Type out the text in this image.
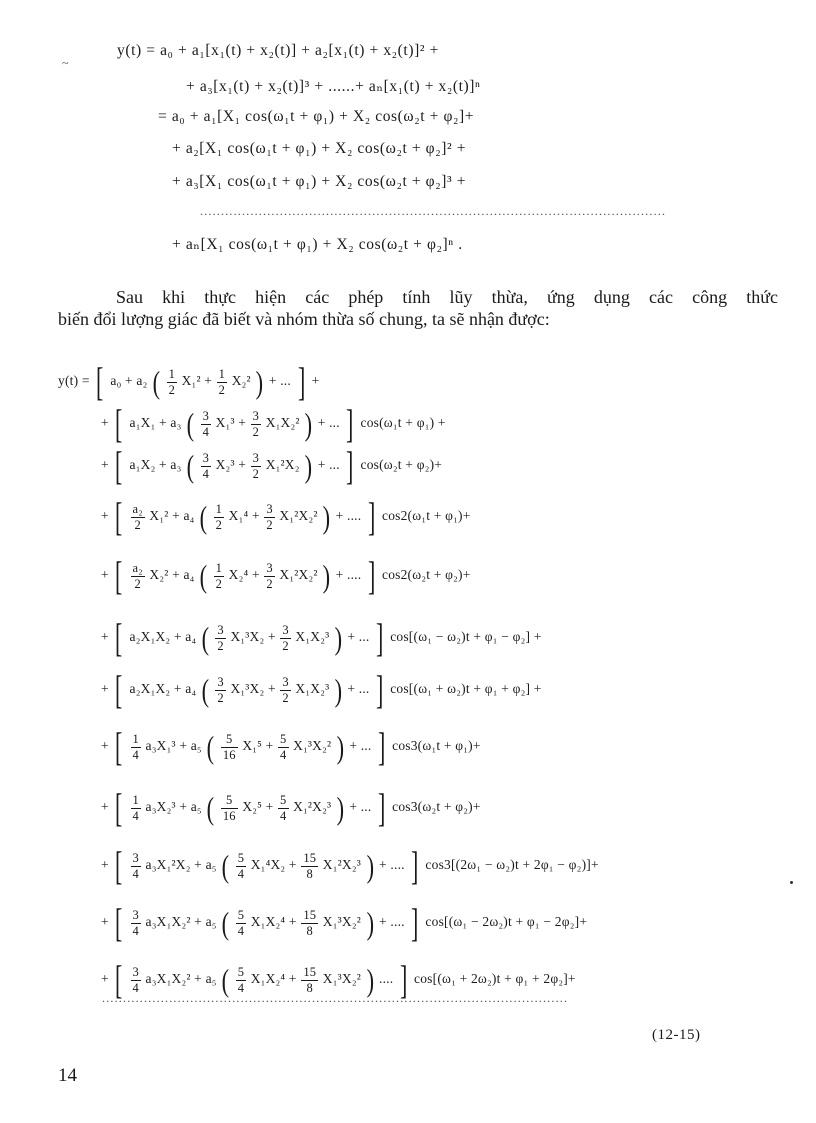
~
y(t) = a₀ + a₁[x₁(t) + x₂(t)] + a₂[x₁(t) + x₂(t)]² +
+ a₃[x₁(t) + x₂(t)]³ + ......+ aₙ[x₁(t) + x₂(t)]ⁿ
= a₀ + a₁[X₁ cos(ω₁t + φ₁) + X₂ cos(ω₂t + φ₂]+
+ a₂[X₁ cos(ω₁t + φ₁) + X₂ cos(ω₂t + φ₂]² +
+ a₃[X₁ cos(ω₁t + φ₁) + X₂ cos(ω₂t + φ₂]³ +
...............................................................................................................
+ aₙ[X₁ cos(ω₁t + φ₁) + X₂ cos(ω₂t + φ₂]ⁿ .
Sau khi thực hiện các phép tính lũy thừa, ứng dụng các công thức
biến đổi lượng giác đã biết và nhóm thừa số chung, ta sẽ nhận được:
y(t) = [ a₀ + a₂ ( $\frac{1}{2} X_1^2 + \frac{1}{2} X_2^2$ ) + ... ] +
+ [ a₁X₁ + a₃ ( $\frac{3}{4} X_1^3 + \frac{3}{2} X_1X_2^2$ ) + ... ] cos(ω₁t + φ₁) +
+ [ a₁X₂ + a₃ ( $\frac{3}{4} X_2^3 + \frac{3}{2} X_1^2X_2$ ) + ... ] cos(ω₂t + φ₂)+
+ [ $\frac{\text{a₂}}{2} X_1^2 + a_4$ ( $\frac{1}{2} X_1^4 + \frac{3}{2} X_1^2X_2^2$ ) + .... ] cos2(ω₁t + φ₁)+
+ [ $\frac{\text{a₂}}{2} X_2^2 + a_4$ ( $\frac{1}{2} X_2^4 + \frac{3}{2} X_1^2X_2^2$ ) + .... ] cos2(ω₂t + φ₂)+
+ [ a₂X₁X₂ + a₄ ( $\frac{3}{2} X_1^3X_2 + \frac{3}{2} X_1X_2^3$ ) + ... ] cos[(ω₁ − ω₂)t + φ₁ − φ₂] +
+ [ a₂X₁X₂ + a₄ ( $\frac{3}{2} X_1^3X_2 + \frac{3}{2} X_1X_2^3$ ) + ... ] cos[(ω₁ + ω₂)t + φ₁ + φ₂] +
+ [ $\frac{1}{4} a_3X_1^3 + a_5$ ( $\frac{5}{16} X_1^5 + \frac{5}{4} X_1^3X_2^2$ ) + ... ] cos3(ω₁t + φ₁)+
+ [ $\frac{1}{4} a_3X_2^3 + a_5$ ( $\frac{5}{16} X_2^5 + \frac{5}{4} X_1^2X_2^3$ ) + ... ] cos3(ω₂t + φ₂)+
+ [ $\frac{3}{4} a_3X_1^2X_2 + a_5$ ( $\frac{5}{4} X_1^4X_2 + \frac{15}{8} X_1^2X_2^3$ ) + .... ] cos3[(2ω₁ − ω₂)t + 2φ₁ − φ₂)]+
+ [ $\frac{3}{4} a_3X_1X_2^2 + a_5$ ( $\frac{5}{4} X_1X_2^4 + \frac{15}{8} X_1^3X_2^2$ ) + .... ] cos[(ω₁ − 2ω₂)t + φ₁ − 2φ₂]+
+ [ $\frac{3}{4} a_3X_1X_2^2 + a_5$ ( $\frac{5}{4} X_1X_2^4 + \frac{15}{8} X_1^3X_2^2$ ) .... ] cos[(ω₁ + 2ω₂)t + φ₁ + 2φ₂]+
...............................................................................................................
(12-15)
14
